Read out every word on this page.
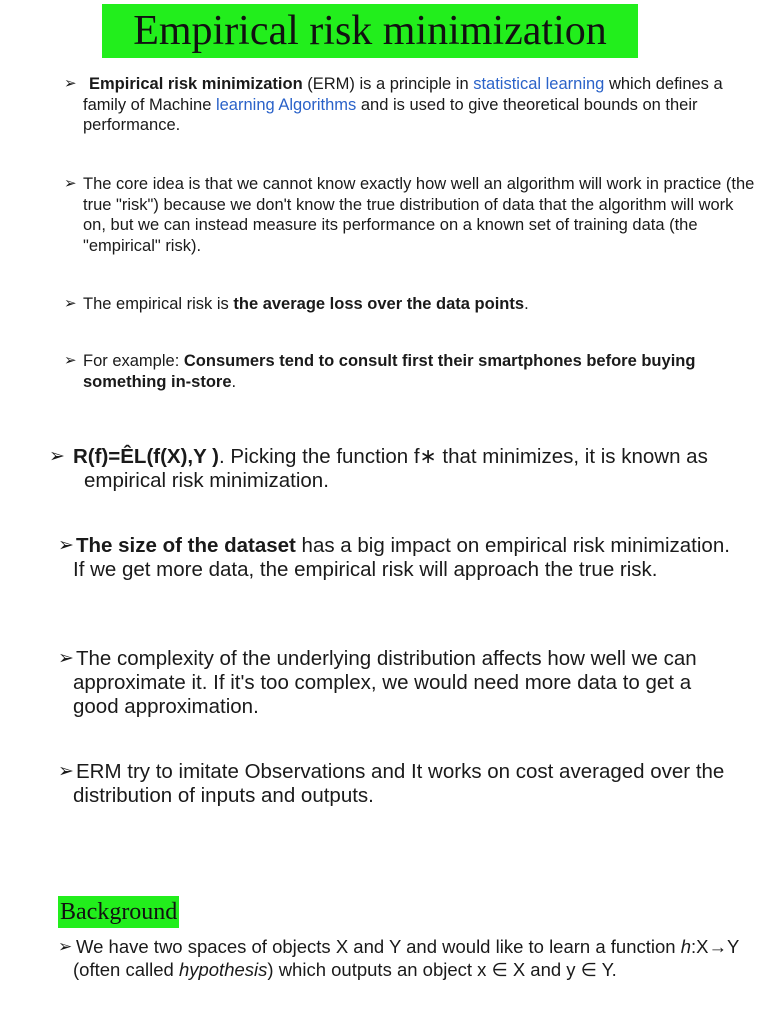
Empirical risk minimization

➢ Empirical risk minimization (ERM) is a principle in statistical learning which defines a family of Machine learning Algorithms and is used to give theoretical bounds on their performance.

➢ The core idea is that we cannot know exactly how well an algorithm will work in practice (the true "risk") because we don't know the true distribution of data that the algorithm will work on, but we can instead measure its performance on a known set of training data (the "empirical" risk).

➢ The empirical risk is the average loss over the data points.

➢ For example: Consumers tend to consult first their smartphones before buying something in-store.

➢ R(f)=ÊL(f(X),Y ). Picking the function f∗ that minimizes, it is known as empirical risk minimization.

➢ The size of the dataset has a big impact on empirical risk minimization. If we get more data, the empirical risk will approach the true risk.

➢ The complexity of the underlying distribution affects how well we can approximate it. If it's too complex, we would need more data to get a good approximation.

➢ ERM try to imitate Observations and It works on cost averaged over the distribution of inputs and outputs.

Background

➢ We have two spaces of objects X and Y and would like to learn a function h:X→Y (often called hypothesis) which outputs an object x ∈ X and y ∈ Y.
